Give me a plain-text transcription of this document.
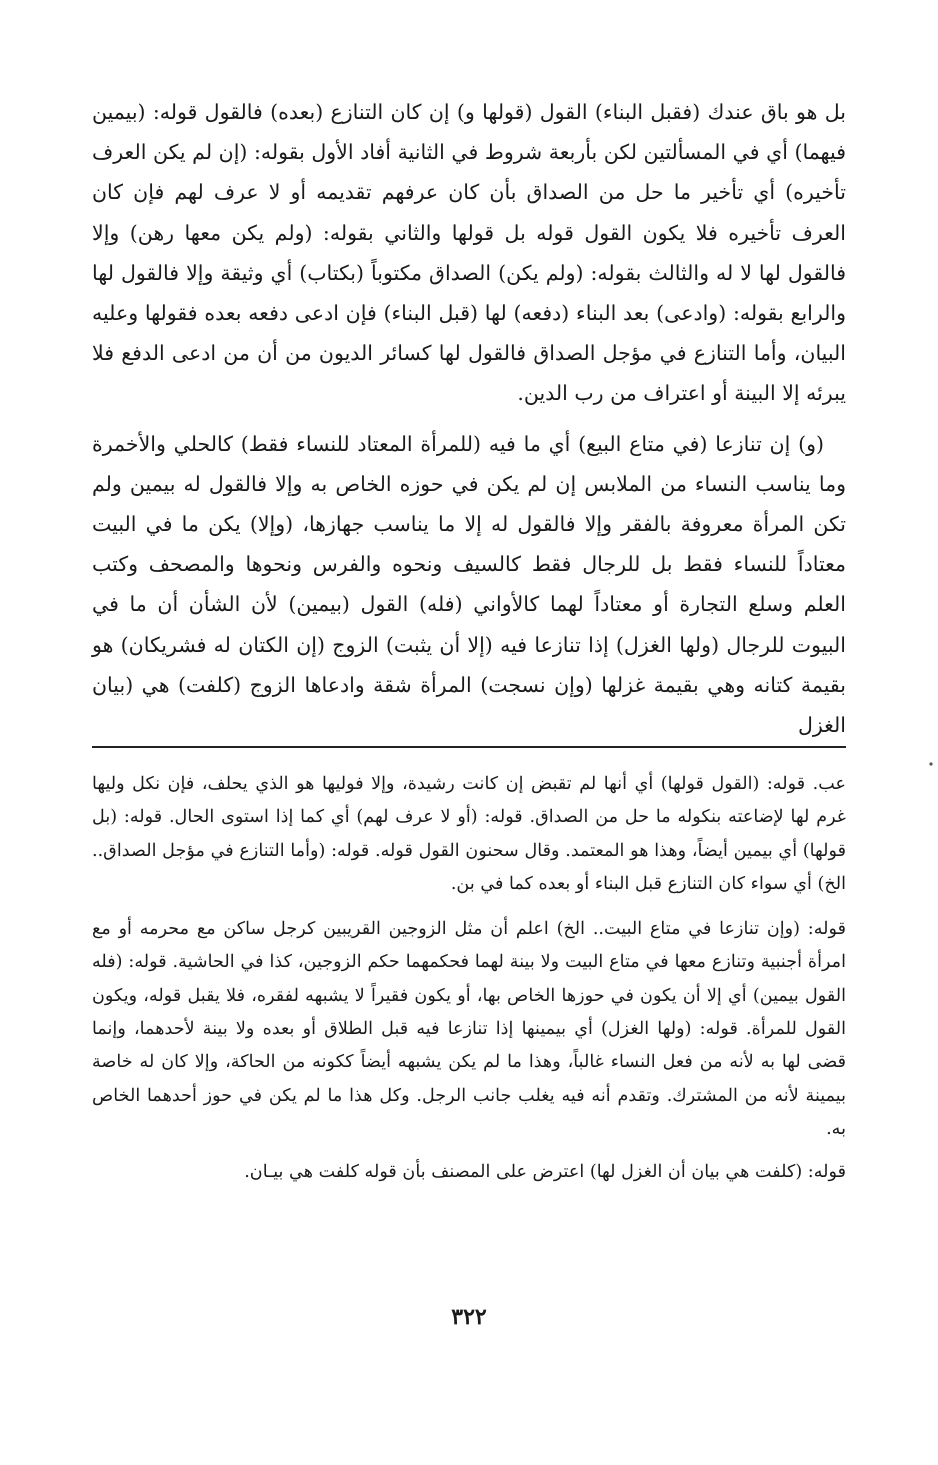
بل هو باق عندك (فقبل البناء) القول (قولها و) إن كان التنازع (بعده) فالقول قوله: (بيمين فيهما) أي في المسألتين لكن بأربعة شروط في الثانية أفاد الأول بقوله: (إن لم يكن العرف تأخيره) أي تأخير ما حل من الصداق بأن كان عرفهم تقديمه أو لا عرف لهم فإن كان العرف تأخيره فلا يكون القول قوله بل قولها والثاني بقوله: (ولم يكن معها رهن) وإلا فالقول لها لا له والثالث بقوله: (ولم يكن) الصداق مكتوباً (بكتاب) أي وثيقة وإلا فالقول لها والرابع بقوله: (وادعى) بعد البناء (دفعه) لها (قبل البناء) فإن ادعى دفعه بعده فقولها وعليه البيان، وأما التنازع في مؤجل الصداق فالقول لها كسائر الديون من أن من ادعى الدفع فلا يبرئه إلا البينة أو اعتراف من رب الدين.

(و) إن تنازعا (في متاع البيع) أي ما فيه (للمرأة المعتاد للنساء فقط) كالحلي والأخمرة وما يناسب النساء من الملابس إن لم يكن في حوزه الخاص به وإلا فالقول له بيمين ولم تكن المرأة معروفة بالفقر وإلا فالقول له إلا ما يناسب جهازها، (وإلا) يكن ما في البيت معتاداً للنساء فقط بل للرجال فقط كالسيف ونحوه والفرس ونحوها والمصحف وكتب العلم وسلع التجارة أو معتاداً لهما كالأواني (فله) القول (بيمين) لأن الشأن أن ما في البيوت للرجال (ولها الغزل) إذا تنازعا فيه (إلا أن يثبت) الزوج (إن الكتان له فشريكان) هو بقيمة كتانه وهي بقيمة غزلها (وإن نسجت) المرأة شقة وادعاها الزوج (كلفت) هي (بيان الغزل

عب. قوله: (القول قولها) أي أنها لم تقبض إن كانت رشيدة، وإلا فوليها هو الذي يحلف، فإن نكل وليها غرم لها لإضاعته بنكوله ما حل من الصداق. قوله: (أو لا عرف لهم) أي كما إذا استوى الحال. قوله: (بل قولها) أي بيمين أيضاً، وهذا هو المعتمد. وقال سحنون القول قوله. قوله: (وأما التنازع في مؤجل الصداق.. الخ) أي سواء كان التنازع قبل البناء أو بعده كما في بن.

قوله: (وإن تنازعا في متاع البيت.. الخ) اعلم أن مثل الزوجين القريبين كرجل ساكن مع محرمه أو مع امرأة أجنبية وتنازع معها في متاع البيت ولا بينة لهما فحكمهما حكم الزوجين، كذا في الحاشية. قوله: (فله القول بيمين) أي إلا أن يكون في حوزها الخاص بها، أو يكون فقيراً لا يشبهه لفقره، فلا يقبل قوله، ويكون القول للمرأة. قوله: (ولها الغزل) أي بيمينها إذا تنازعا فيه قبل الطلاق أو بعده ولا بينة لأحدهما، وإنما قضى لها به لأنه من فعل النساء غالباً، وهذا ما لم يكن يشبهه أيضاً ككونه من الحاكة، وإلا كان له خاصة بيمينة لأنه من المشترك. وتقدم أنه فيه يغلب جانب الرجل. وكل هذا ما لم يكن في حوز أحدهما الخاص به.

قوله: (كلفت هي بيان أن الغزل لها) اعترض على المصنف بأن قوله كلفت هي بيـان.

٣٢٢
